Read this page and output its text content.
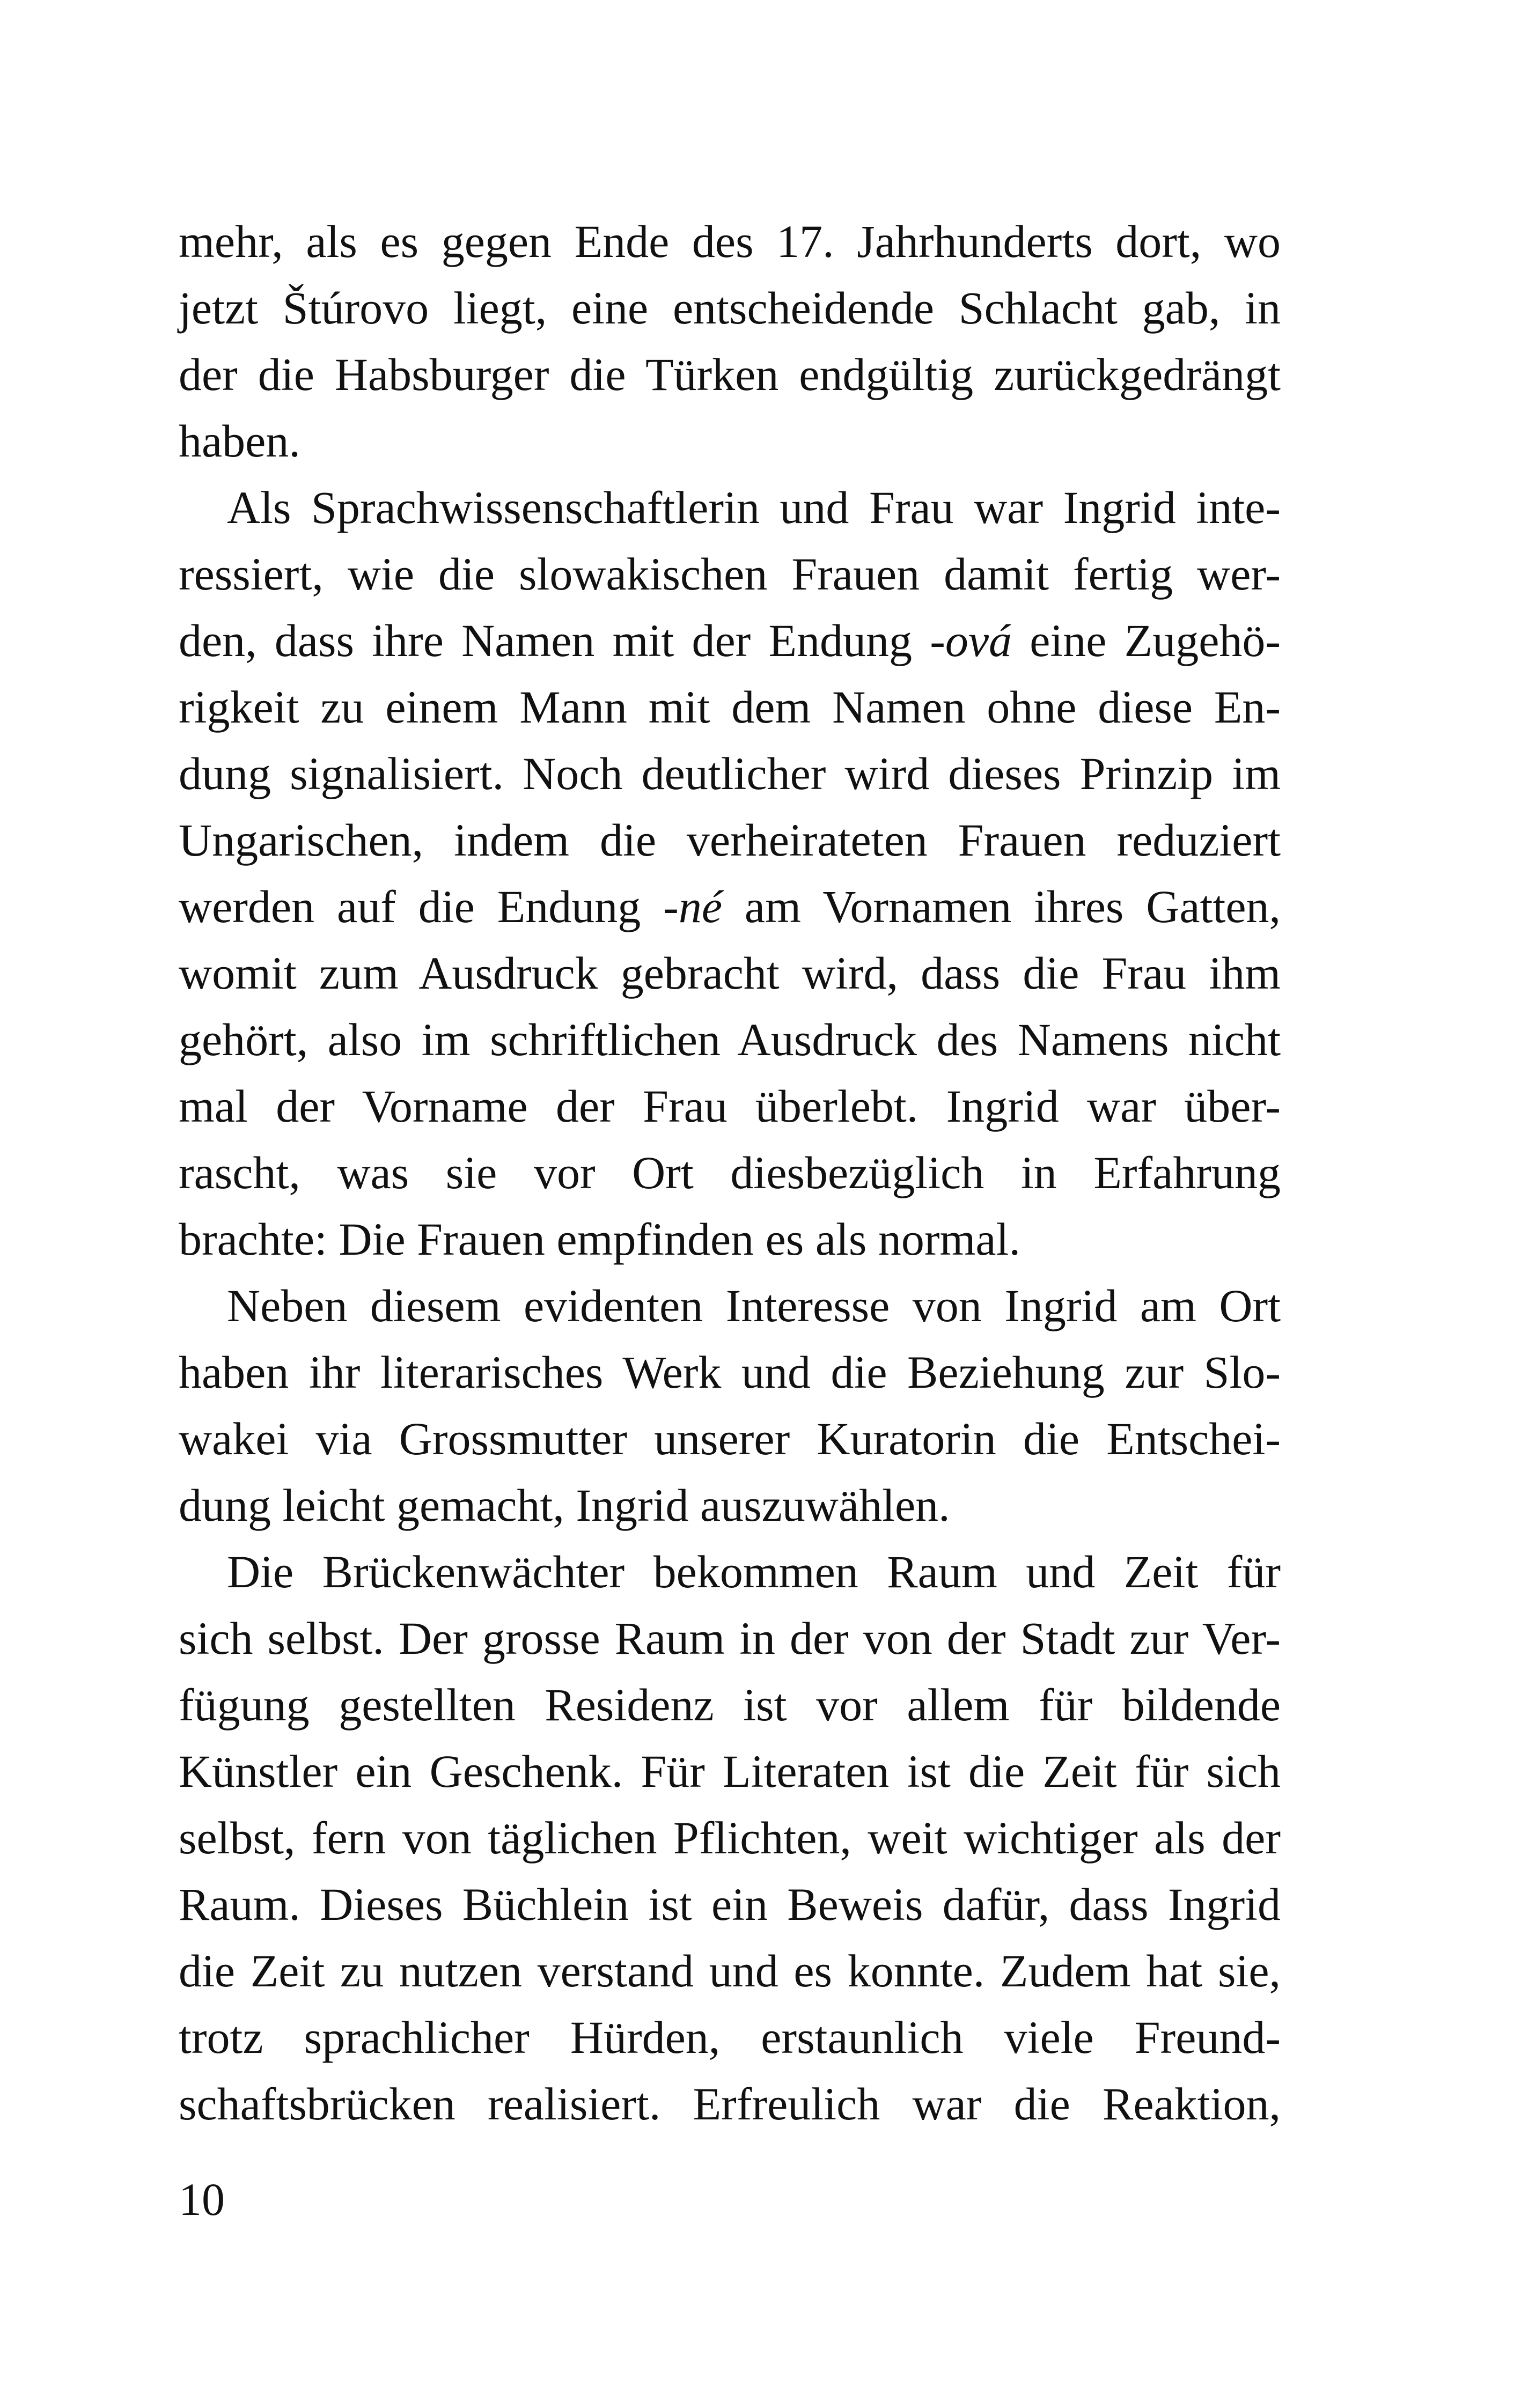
mehr, als es gegen Ende des 17. Jahrhunderts dort, wo
jetzt Štúrovo liegt, eine entscheidende Schlacht gab, in
der die Habsburger die Türken endgültig zurückgedrängt
haben.
Als Sprachwissenschaftlerin und Frau war Ingrid inte-
ressiert, wie die slowakischen Frauen damit fertig wer-
den, dass ihre Namen mit der Endung -ová eine Zugehö-
rigkeit zu einem Mann mit dem Namen ohne diese En-
dung signalisiert. Noch deutlicher wird dieses Prinzip im
Ungarischen, indem die verheirateten Frauen reduziert
werden auf die Endung -né am Vornamen ihres Gatten,
womit zum Ausdruck gebracht wird, dass die Frau ihm
gehört, also im schriftlichen Ausdruck des Namens nicht
mal der Vorname der Frau überlebt. Ingrid war über-
rascht, was sie vor Ort diesbezüglich in Erfahrung
brachte: Die Frauen empfinden es als normal.
Neben diesem evidenten Interesse von Ingrid am Ort
haben ihr literarisches Werk und die Beziehung zur Slo-
wakei via Grossmutter unserer Kuratorin die Entschei-
dung leicht gemacht, Ingrid auszuwählen.
Die Brückenwächter bekommen Raum und Zeit für
sich selbst. Der grosse Raum in der von der Stadt zur Ver-
fügung gestellten Residenz ist vor allem für bildende
Künstler ein Geschenk. Für Literaten ist die Zeit für sich
selbst, fern von täglichen Pflichten, weit wichtiger als der
Raum. Dieses Büchlein ist ein Beweis dafür, dass Ingrid
die Zeit zu nutzen verstand und es konnte. Zudem hat sie,
trotz sprachlicher Hürden, erstaunlich viele Freund-
schaftsbrücken realisiert. Erfreulich war die Reaktion,
10
